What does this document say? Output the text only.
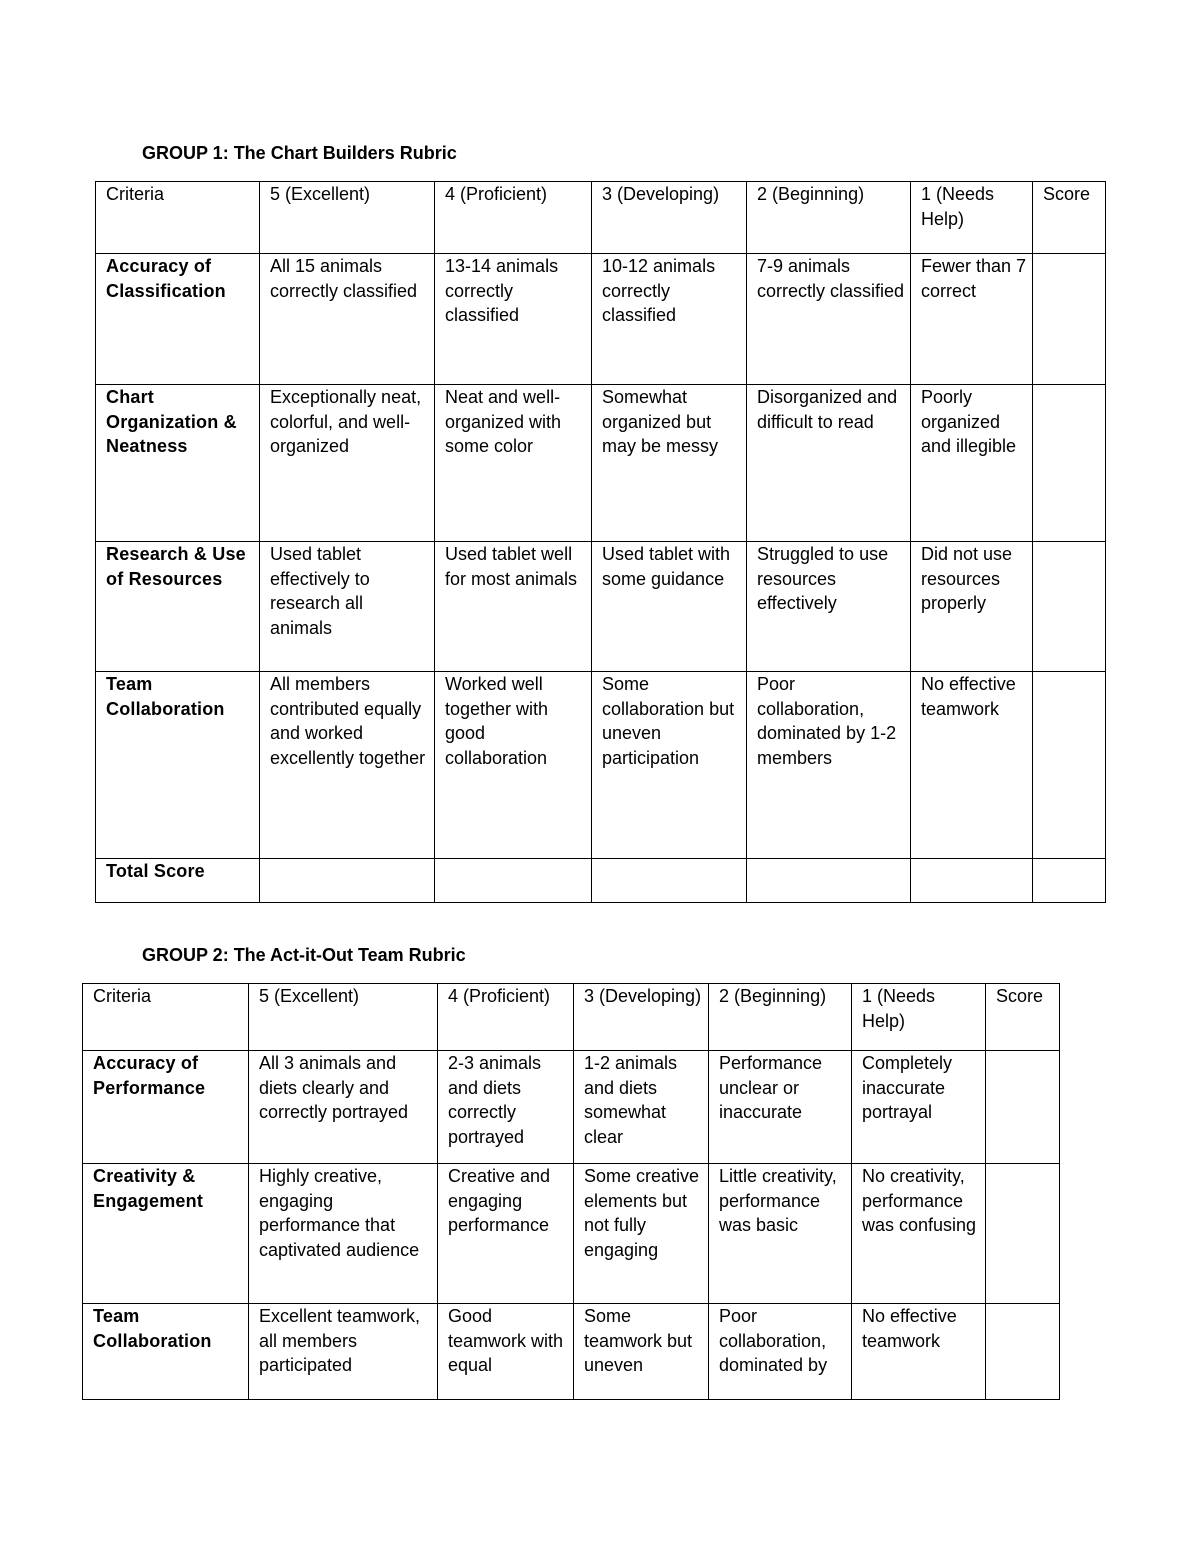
GROUP 1: The Chart Builders Rubric

Criteria	5 (Excellent)	4 (Proficient)	3 (Developing)	2 (Beginning)	1 (Needs Help)	Score
Accuracy of Classification	All 15 animals correctly classified	13-14 animals correctly classified	10-12 animals correctly classified	7-9 animals correctly classified	Fewer than 7 correct	
Chart Organization & Neatness	Exceptionally neat, colorful, and well-organized	Neat and well-organized with some color	Somewhat organized but may be messy	Disorganized and difficult to read	Poorly organized and illegible	
Research & Use of Resources	Used tablet effectively to research all animals	Used tablet well for most animals	Used tablet with some guidance	Struggled to use resources effectively	Did not use resources properly	
Team Collaboration	All members contributed equally and worked excellently together	Worked well together with good collaboration	Some collaboration but uneven participation	Poor collaboration, dominated by 1-2 members	No effective teamwork	
Total Score						

GROUP 2: The Act-it-Out Team Rubric

Criteria	5 (Excellent)	4 (Proficient)	3 (Developing)	2 (Beginning)	1 (Needs Help)	Score
Accuracy of Performance	All 3 animals and diets clearly and correctly portrayed	2-3 animals and diets correctly portrayed	1-2 animals and diets somewhat clear	Performance unclear or inaccurate	Completely inaccurate portrayal	
Creativity & Engagement	Highly creative, engaging performance that captivated audience	Creative and engaging performance	Some creative elements but not fully engaging	Little creativity, performance was basic	No creativity, performance was confusing	
Team Collaboration	Excellent teamwork, all members participated	Good teamwork with equal	Some teamwork but uneven	Poor collaboration, dominated by	No effective teamwork	
